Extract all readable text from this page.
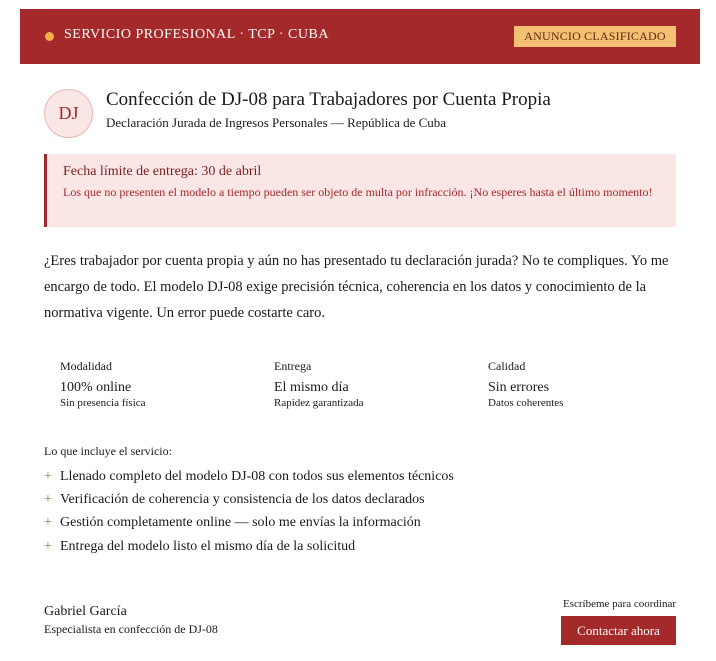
SERVICIO PROFESIONAL · TCP · CUBA	ANUNCIO CLASIFICADO
DJ
Confección de DJ-08 para Trabajadores por Cuenta Propia
Declaración Jurada de Ingresos Personales — República de Cuba
Fecha límite de entrega: 30 de abril
Los que no presenten el modelo a tiempo pueden ser objeto de multa por infracción. ¡No esperes hasta el último momento!
¿Eres trabajador por cuenta propia y aún no has presentado tu declaración jurada? No te compliques. Yo me encargo de todo. El modelo DJ-08 exige precisión técnica, coherencia en los datos y conocimiento de la normativa vigente. Un error puede costarte caro.
Modalidad
100% online
Sin presencia física
Entrega
El mismo día
Rapidez garantizada
Calidad
Sin errores
Datos coherentes
Lo que incluye el servicio:
+ Llenado completo del modelo DJ-08 con todos sus elementos técnicos
+ Verificación de coherencia y consistencia de los datos declarados
+ Gestión completamente online — solo me envías la información
+ Entrega del modelo listo el mismo día de la solicitud
Gabriel García
Especialista en confección de DJ-08
Escríbeme para coordinar
Contactar ahora
